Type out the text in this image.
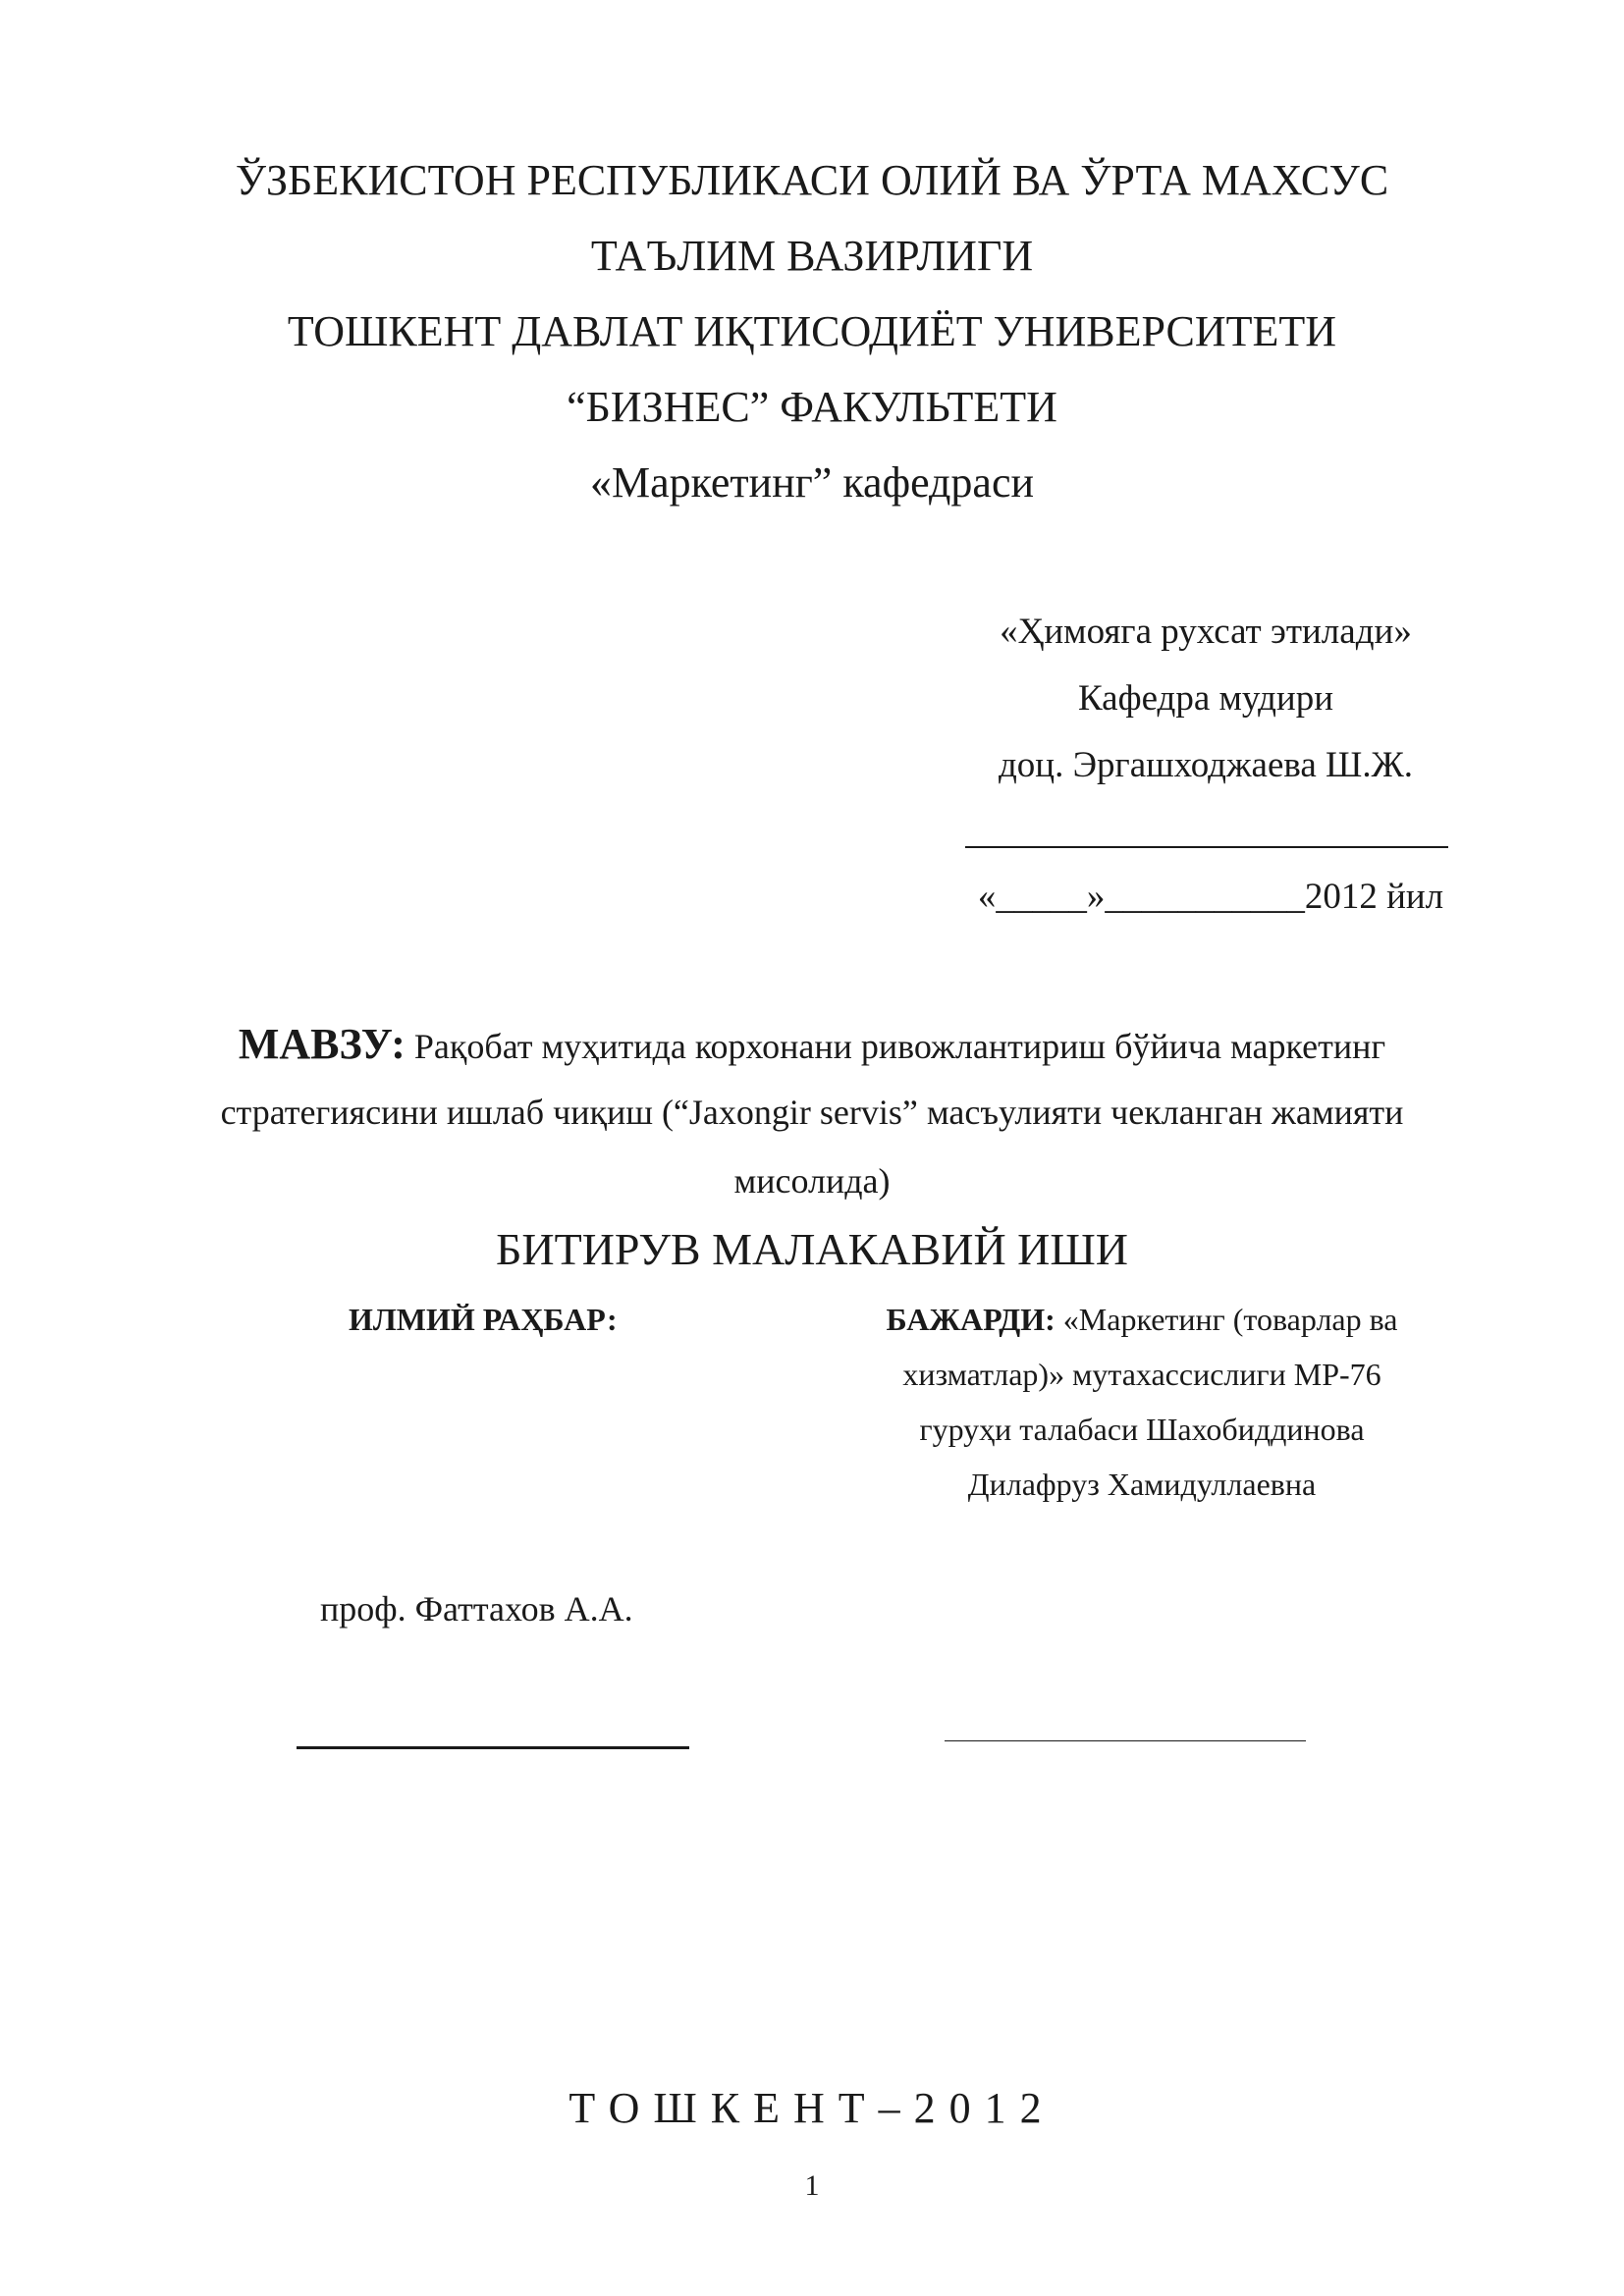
ЎЗБЕКИСТОН РЕСПУБЛИКАСИ ОЛИЙ ВА ЎРТА МАХСУС
ТАЪЛИМ ВАЗИРЛИГИ
ТОШКЕНТ ДАВЛАТ ИҚТИСОДИЁТ УНИВЕРСИТЕТИ
“БИЗНЕС” ФАКУЛЬТЕТИ
«Маркетинг” кафедраси
«Ҳимояга рухсат этилади»
Кафедра мудири
доц. Эргашходжаева Ш.Ж.
«_____»___________2012 йил
МАВЗУ: Рақобат муҳитида корхонани ривожлантириш бўйича маркетинг
стратегиясини ишлаб чиқиш (“Jaxongir servis” масъулияти чекланган жамияти
мисолида)
БИТИРУВ МАЛАКАВИЙ ИШИ
ИЛМИЙ РАҲБАР:
проф. Фаттахов А.А.
БАЖАРДИ: «Маркетинг (товарлар ва
хизматлар)» мутахассислиги МР-76
гуруҳи талабаси Шахобиддинова
Дилафруз Хамидуллаевна
ТОШКЕНТ–2012
1
